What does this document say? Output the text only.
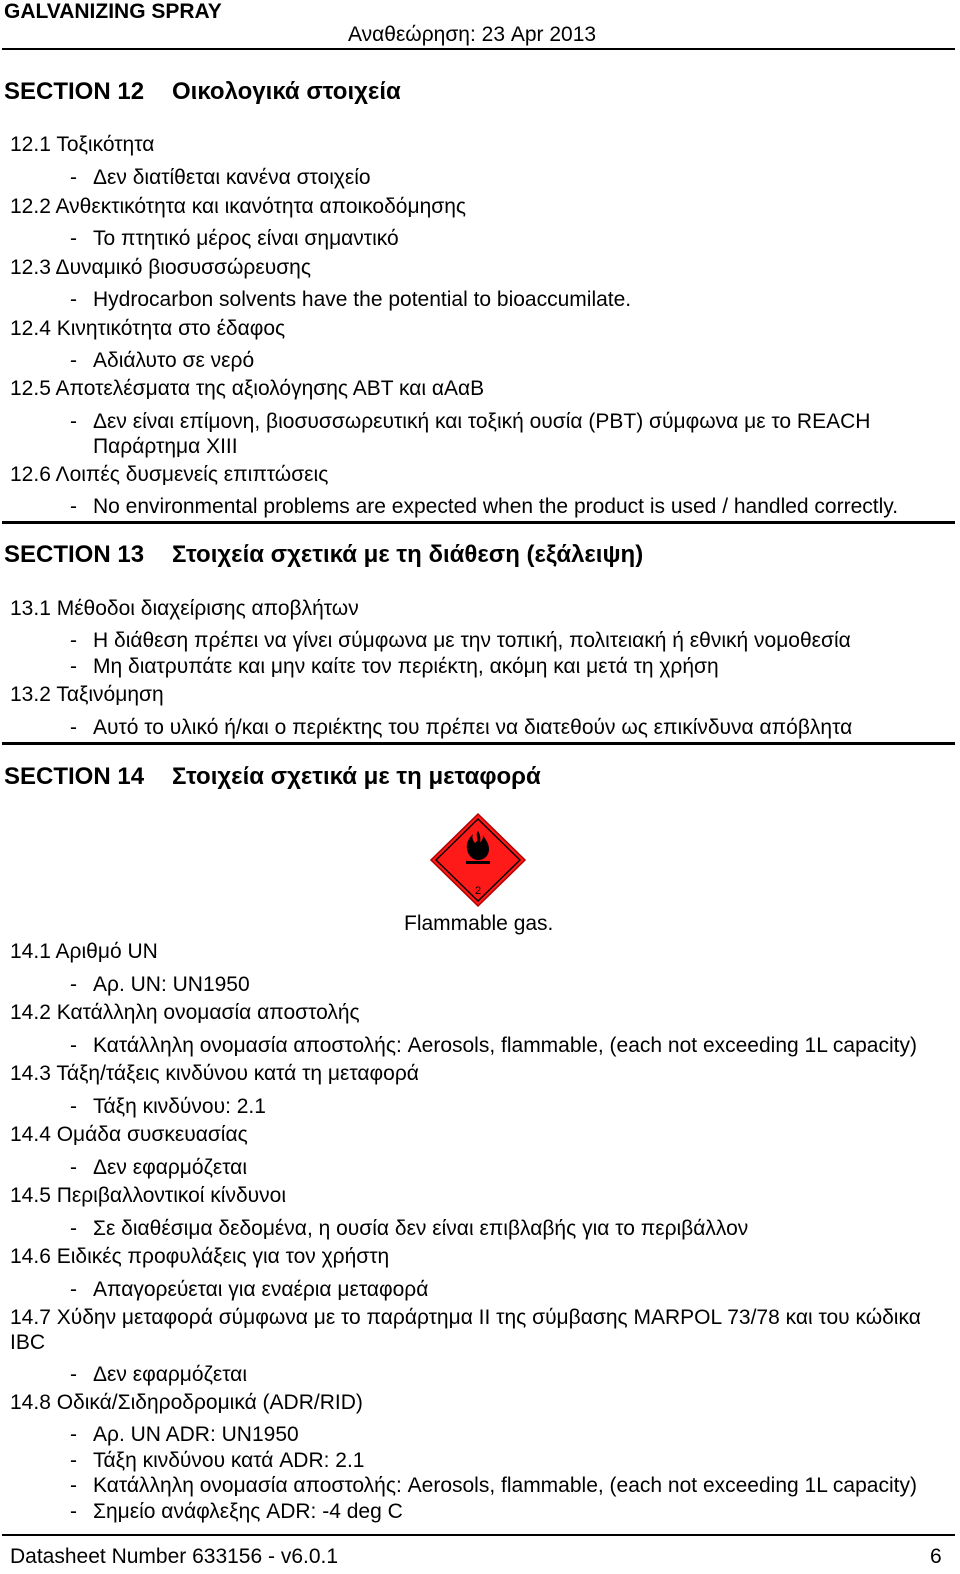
GALVANIZING SPRAY
Αναθεώρηση: 23 Apr 2013
SECTION 12 Οικολογικά στοιχεία
12.1 Τοξικότητα
- Δεν διατίθεται κανένα στοιχείο
12.2 Ανθεκτικότητα και ικανότητα αποικοδόμησης
- Το πτητικό μέρος είναι σημαντικό
12.3 Δυναμικό βιοσυσσώρευσης
- Hydrocarbon solvents have the potential to bioaccumilate.
12.4 Κινητικότητα στο έδαφος
- Αδιάλυτο σε νερό
12.5 Αποτελέσματα της αξιολόγησης ΑΒΤ και αΑαΒ
- Δεν είναι επίμονη, βιοσυσσωρευτική και τοξική ουσία (PBT) σύμφωνα με το REACH Παράρτημα XIII
12.6 Λοιπές δυσμενείς επιπτώσεις
- No environmental problems are expected when the product is used / handled correctly.
SECTION 13 Στοιχεία σχετικά με τη διάθεση (εξάλειψη)
13.1 Μέθοδοι διαχείρισης αποβλήτων
- Η διάθεση πρέπει να γίνει σύμφωνα με την τοπική, πολιτειακή ή εθνική νομοθεσία
- Μη διατρυπάτε και μην καίτε τον περιέκτη, ακόμη και μετά τη χρήση
13.2 Ταξινόμηση
- Αυτό το υλικό ή/και ο περιέκτης του πρέπει να διατεθούν ως επικίνδυνα απόβλητα
SECTION 14 Στοιχεία σχετικά με τη μεταφορά
2
Flammable gas.
14.1 Αριθμό UN
- Αρ. UN: UN1950
14.2 Κατάλληλη ονομασία αποστολής
- Κατάλληλη ονομασία αποστολής: Aerosols, flammable, (each not exceeding 1L capacity)
14.3 Τάξη/τάξεις κινδύνου κατά τη μεταφορά
- Τάξη κινδύνου: 2.1
14.4 Ομάδα συσκευασίας
- Δεν εφαρμόζεται
14.5 Περιβαλλοντικοί κίνδυνοι
- Σε διαθέσιμα δεδομένα, η ουσία δεν είναι επιβλαβής για το περιβάλλον
14.6 Ειδικές προφυλάξεις για τον χρήστη
- Απαγορεύεται για εναέρια μεταφορά
14.7 Χύδην μεταφορά σύμφωνα με το παράρτημα II της σύμβασης MARPOL 73/78 και του κώδικα IBC
- Δεν εφαρμόζεται
14.8 Οδικά/Σιδηροδρομικά (ADR/RID)
- Αρ. UN ADR: UN1950
- Τάξη κινδύνου κατά ADR: 2.1
- Κατάλληλη ονομασία αποστολής: Aerosols, flammable, (each not exceeding 1L capacity)
- Σημείο ανάφλεξης ADR: -4 deg C
Datasheet Number 633156 - v6.0.1	6
